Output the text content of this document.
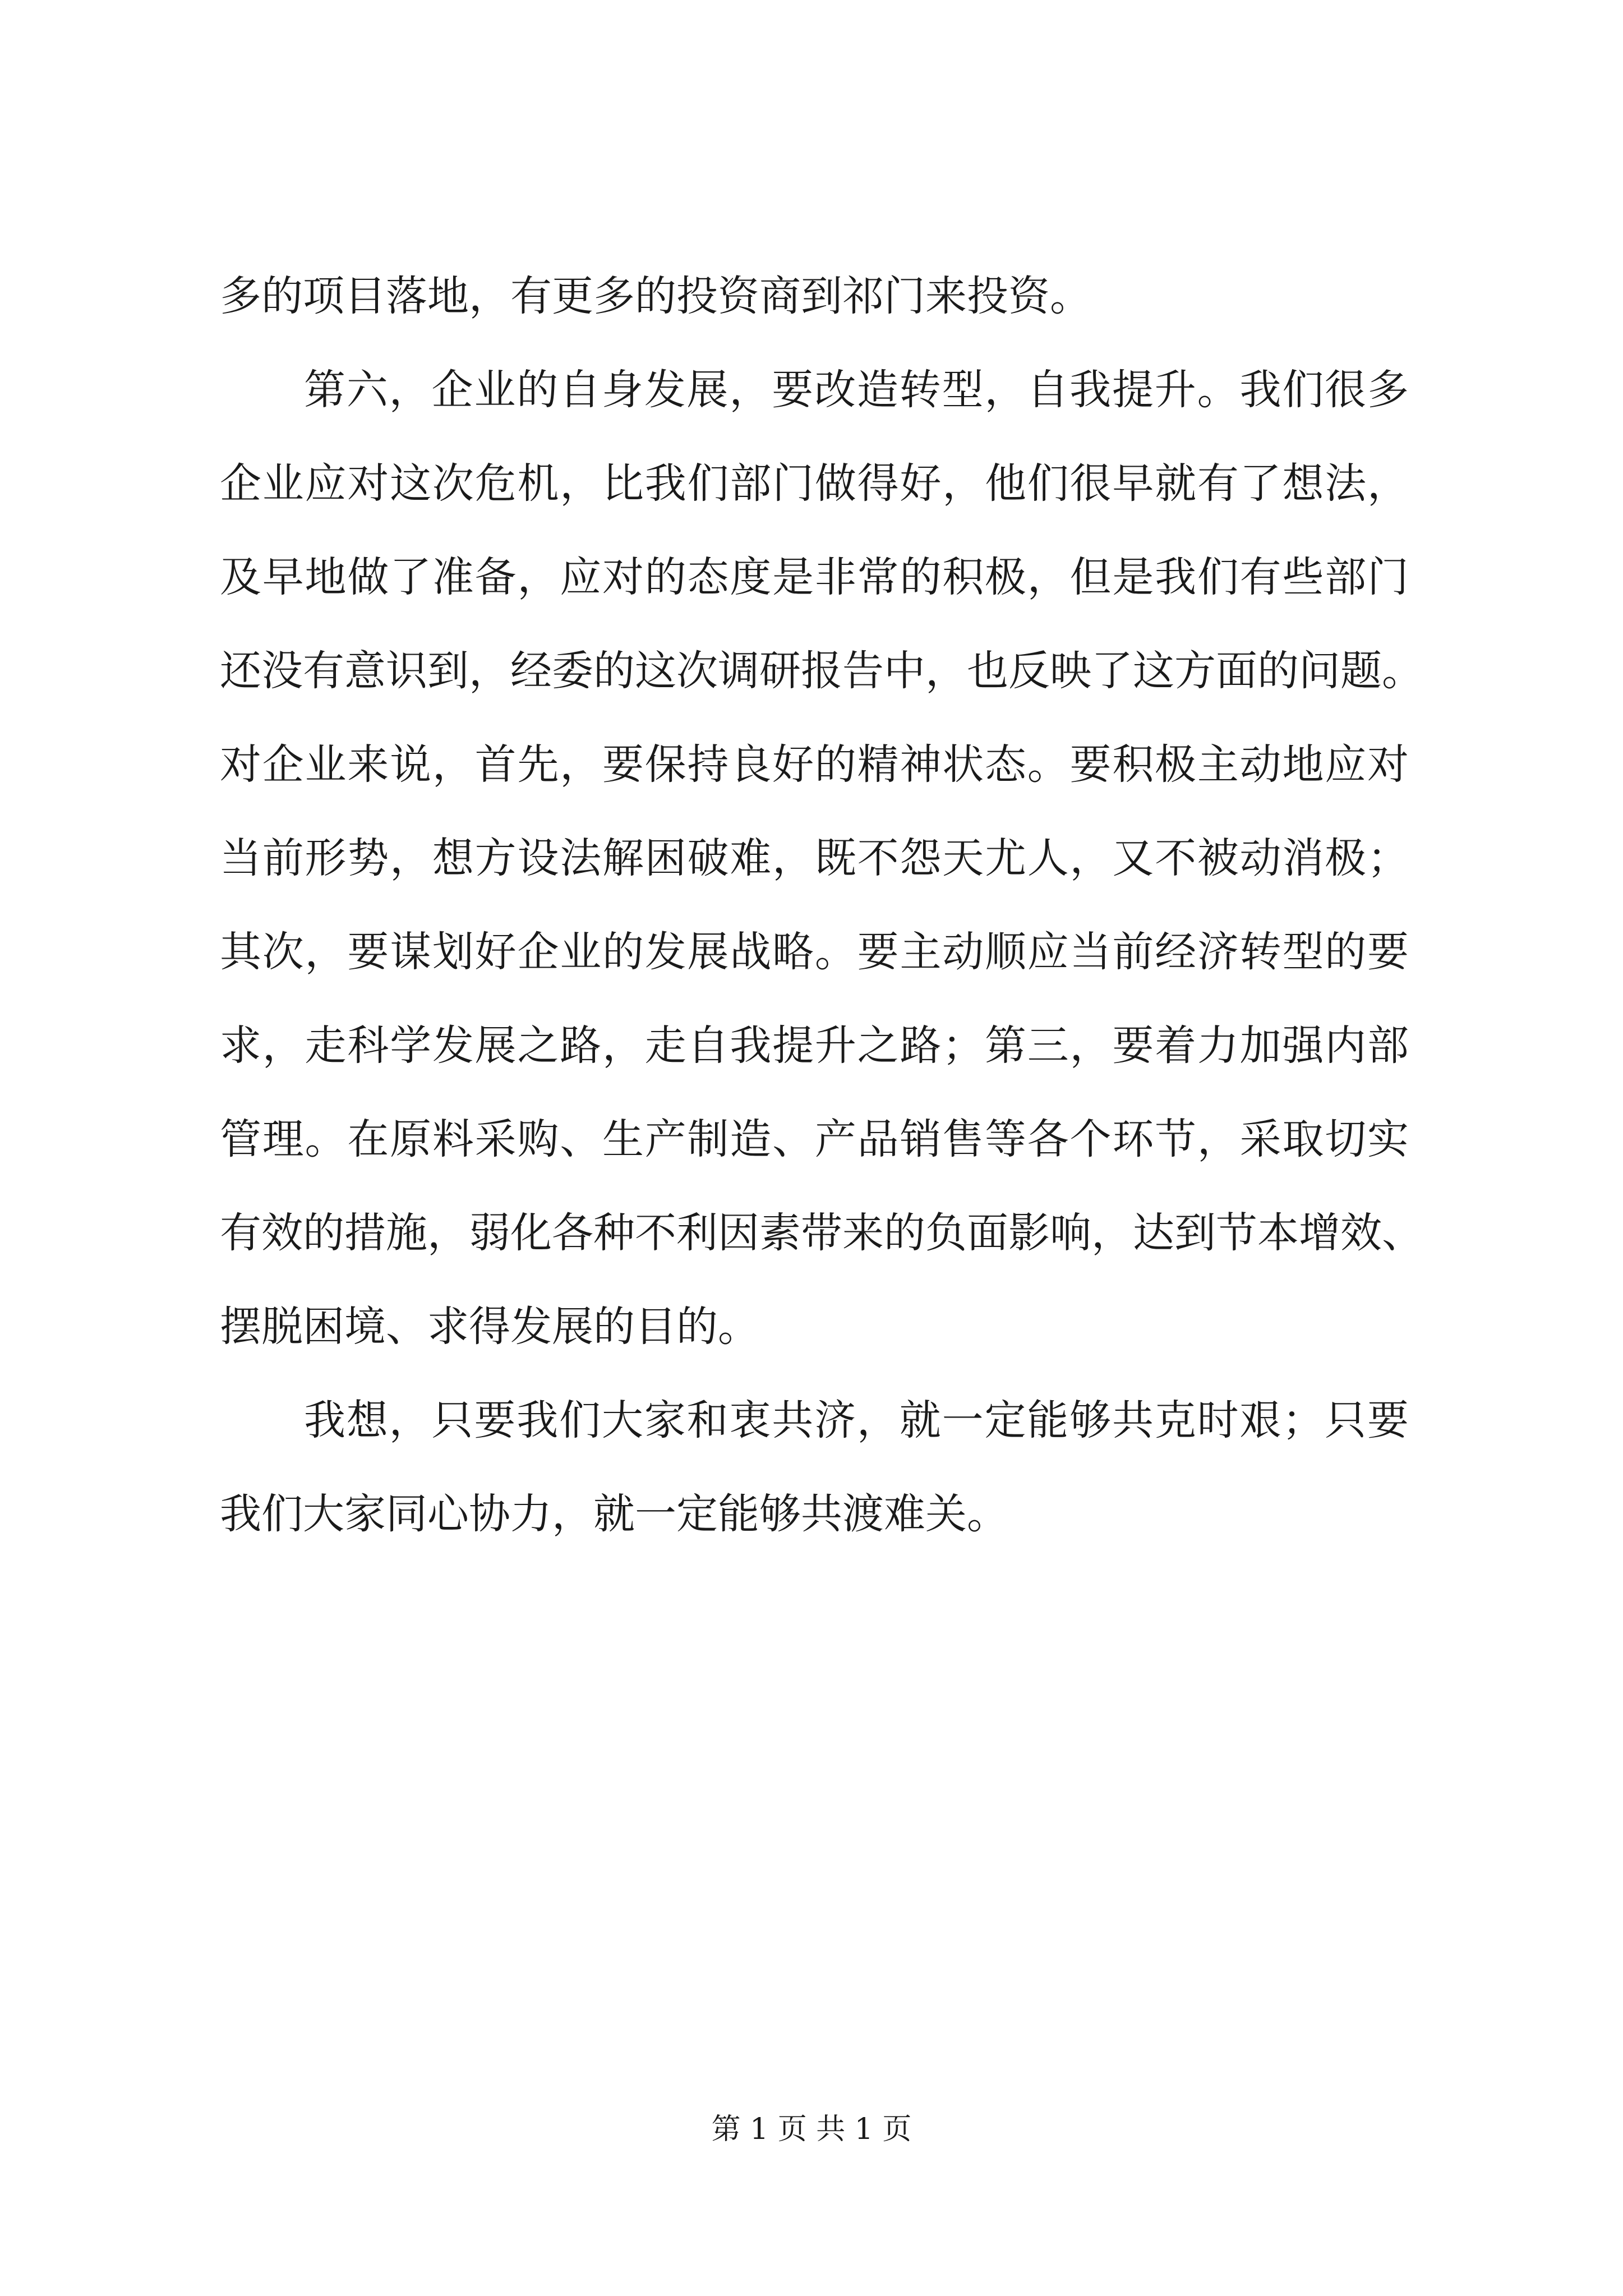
多的项目落地，有更多的投资商到祁门来投资。
第六，企业的自身发展，要改造转型，自我提升。我们很多
企业应对这次危机，比我们部门做得好，他们很早就有了想法，
及早地做了准备，应对的态度是非常的积极，但是我们有些部门
还没有意识到，经委的这次调研报告中，也反映了这方面的问题。
对企业来说，首先，要保持良好的精神状态。要积极主动地应对
当前形势，想方设法解困破难，既不怨天尤人，又不被动消极；
其次，要谋划好企业的发展战略。要主动顺应当前经济转型的要
求，走科学发展之路，走自我提升之路；第三，要着力加强内部
管理。在原料采购、生产制造、产品销售等各个环节，采取切实
有效的措施，弱化各种不利因素带来的负面影响，达到节本增效、
摆脱困境、求得发展的目的。
我想，只要我们大家和衷共济，就一定能够共克时艰；只要
我们大家同心协力，就一定能够共渡难关。
第 1 页 共 1 页
